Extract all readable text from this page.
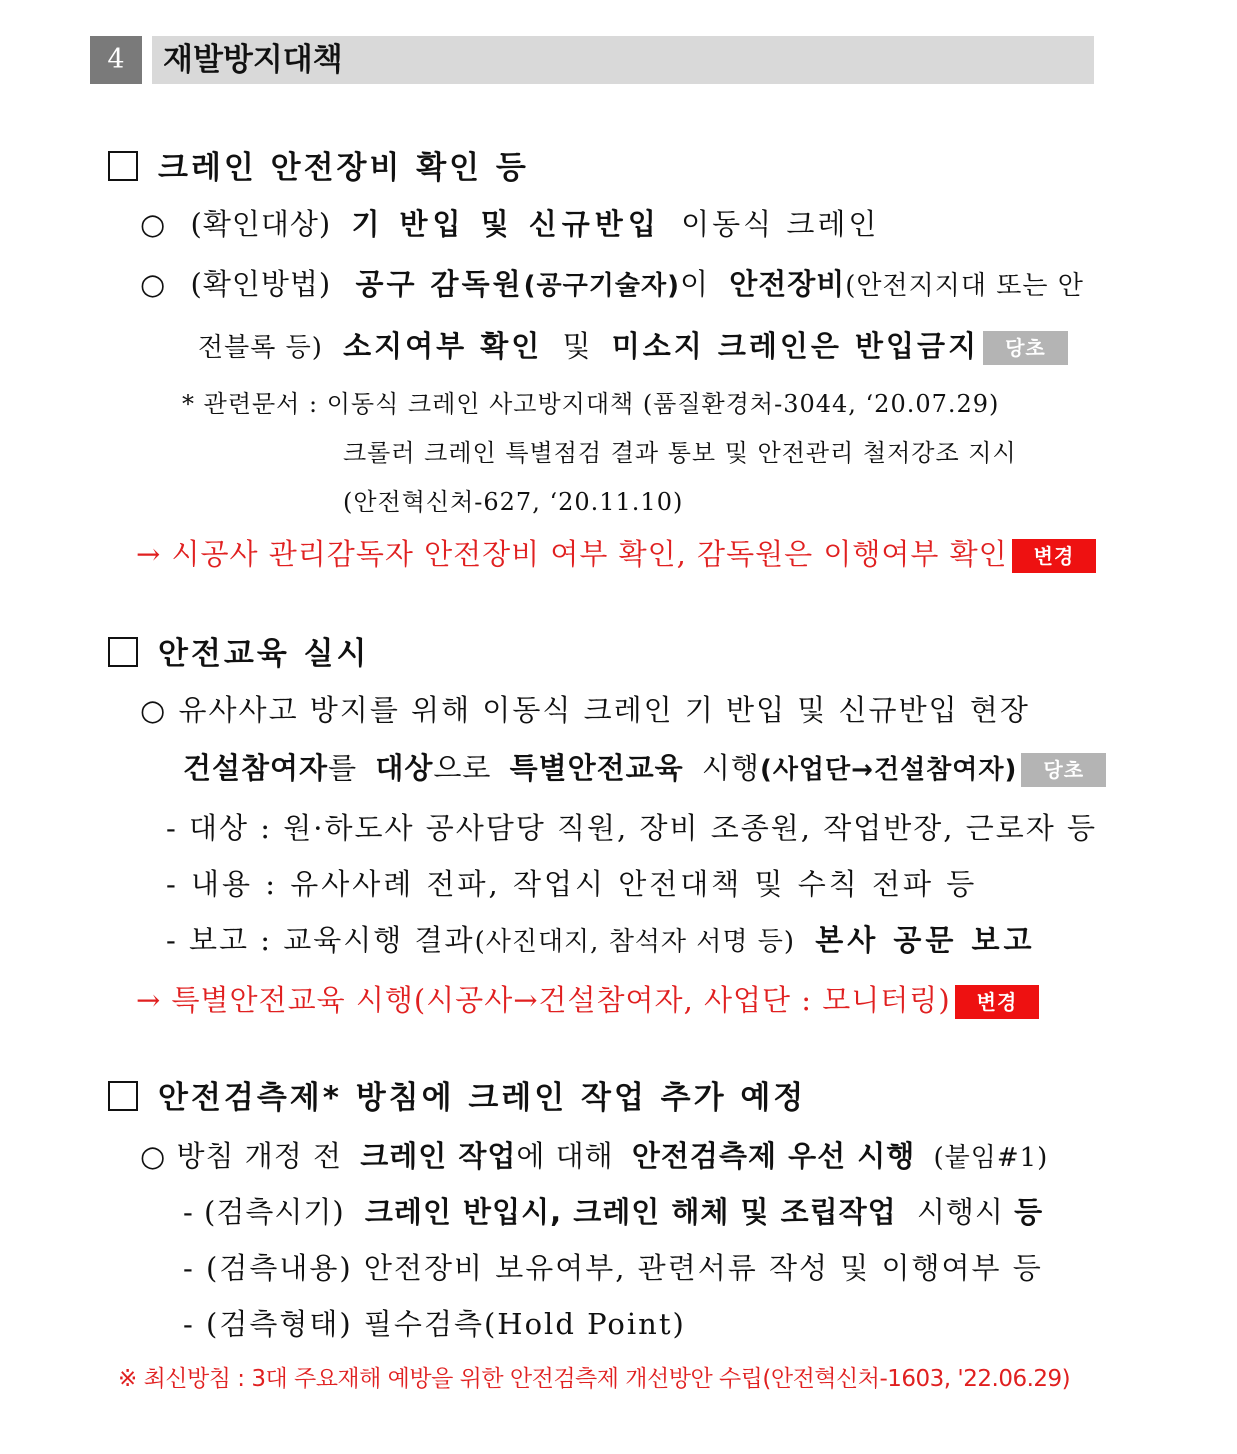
4	재발방지대책
크레인 안전장비 확인 등
○ (확인대상) 기 반입 및 신규반입 이동식 크레인
○ (확인방법) 공구 감독원(공구기술자)이 안전장비(안전지지대 또는 안
전블록 등) 소지여부 확인 및 미소지 크레인은 반입금지 당초
* 관련문서 : 이동식 크레인 사고방지대책 (품질환경처-3044, ‘20.07.29)
크롤러 크레인 특별점검 결과 통보 및 안전관리 철저강조 지시
(안전혁신처-627, ‘20.11.10)
→ 시공사 관리감독자 안전장비 여부 확인, 감독원은 이행여부 확인 변경
안전교육 실시
○ 유사사고 방지를 위해 이동식 크레인 기 반입 및 신규반입 현장
건설참여자를 대상으로 특별안전교육 시행(사업단→건설참여자) 당초
- 대상 : 원·하도사 공사담당 직원, 장비 조종원, 작업반장, 근로자 등
- 내용 : 유사사례 전파, 작업시 안전대책 및 수칙 전파 등
- 보고 : 교육시행 결과(사진대지, 참석자 서명 등) 본사 공문 보고
→ 특별안전교육 시행(시공사→건설참여자, 사업단 : 모니터링) 변경
안전검측제* 방침에 크레인 작업 추가 예정
○ 방침 개정 전 크레인 작업에 대해 안전검측제 우선 시행 (붙임#1)
- (검측시기) 크레인 반입시, 크레인 해체 및 조립작업 시행시 등
- (검측내용) 안전장비 보유여부, 관련서류 작성 및 이행여부 등
- (검측형태) 필수검측(Hold Point)
※ 최신방침 : 3대 주요재해 예방을 위한 안전검측제 개선방안 수립(안전혁신처-1603, '22.06.29)
